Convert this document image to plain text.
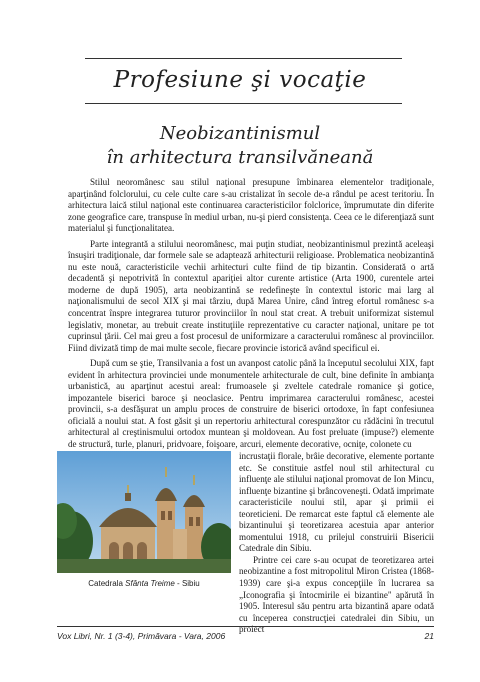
Profesiune şi vocaţie
Neobizantinismul
în arhitectura transilvăneană

Stilul neoromânesc sau stilul naţional presupune îmbinarea elementelor tradiţionale, aparţinând folclorului, cu cele culte care s-au cristalizat în secole de-a rândul pe acest teritoriu. În arhitectura laică stilul naţional este continuarea caracteristicilor folclorice, împrumutate din diferite zone geografice care, transpuse în mediul urban, nu-şi pierd consistenţa. Ceea ce le diferenţiază sunt materialul şi funcţionalitatea.

Parte integrantă a stilului neoromânesc, mai puţin studiat, neobizantinismul prezintă aceleaşi însuşiri tradiţionale, dar formele sale se adaptează arhitecturii religioase. Problematica neobizantină nu este nouă, caracteristicile vechii arhitecturi culte fiind de tip bizantin. Considerată o artă decadentă şi nepotrivită în contextul apariţiei altor curente artistice (Arta 1900, curentele artei moderne de după 1905), arta neobizantină se redefineşte în contextul istoric mai larg al naţionalismului de secol XIX şi mai târziu, după Marea Unire, când întreg efortul românesc s-a concentrat înspre integrarea tuturor provinciilor în noul stat creat. A trebuit uniformizat sistemul legislativ, monetar, au trebuit create instituţiile reprezentative cu caracter naţional, unitare pe tot cuprinsul ţării. Cel mai greu a fost procesul de uniformizare a caracterului românesc al provinciilor. Fiind divizată timp de mai multe secole, fiecare provincie istorică având specificul ei.

După cum se ştie, Transilvania a fost un avanpost catolic până la începutul secolului XIX, fapt evident în arhitectura provinciei unde monumentele arhitecturale de cult, bine definite în ambianţa urbanistică, au aparţinut acestui areal: frumoasele şi zveltele catedrale romanice şi gotice, impozantele biserici baroce şi neoclasice. Pentru imprimarea caracterului românesc, acestei provincii, s-a desfăşurat un amplu proces de construire de biserici ortodoxe, în fapt confesiunea oficială a noului stat. A fost găsit şi un repertoriu arhitectural corespunzător cu rădăcini în trecutul arhitectural al creştinismului ortodox muntean şi moldovean. Au fost preluate (impuse?) elemente de structură, turle, planuri, pridvoare, foişoare, arcuri, elemente decorative, ocniţe, colonete cu

Catedrala Sfânta Treime - Sibiu

incrustaţii florale, brâie decorative, elemente portante etc. Se constituie astfel noul stil arhitectural cu influenţe ale stilului naţional promovat de Ion Mincu, influenţe bizantine şi brâncoveneşti. Odată imprimate caracteristicile noului stil, apar şi primii ei teoreticieni. De remarcat este faptul că elemente ale bizantinului şi teoretizarea acestuia apar anterior momentului 1918, cu prilejul construirii Bisericii Catedrale din Sibiu.

Printre cei care s-au ocupat de teoretizarea artei neobizantine a fost mitropolitul Miron Cristea (1868-1939) care şi-a expus concepţiile în lucrarea sa „Iconografia şi întocmirile ei bizantine" apărută în 1905. Interesul său pentru arta bizantină apare odată cu începerea construcţiei catedralei din Sibiu, un proiect

Vox Libri, Nr. 1 (3-4), Primăvara - Vara, 2006	21
